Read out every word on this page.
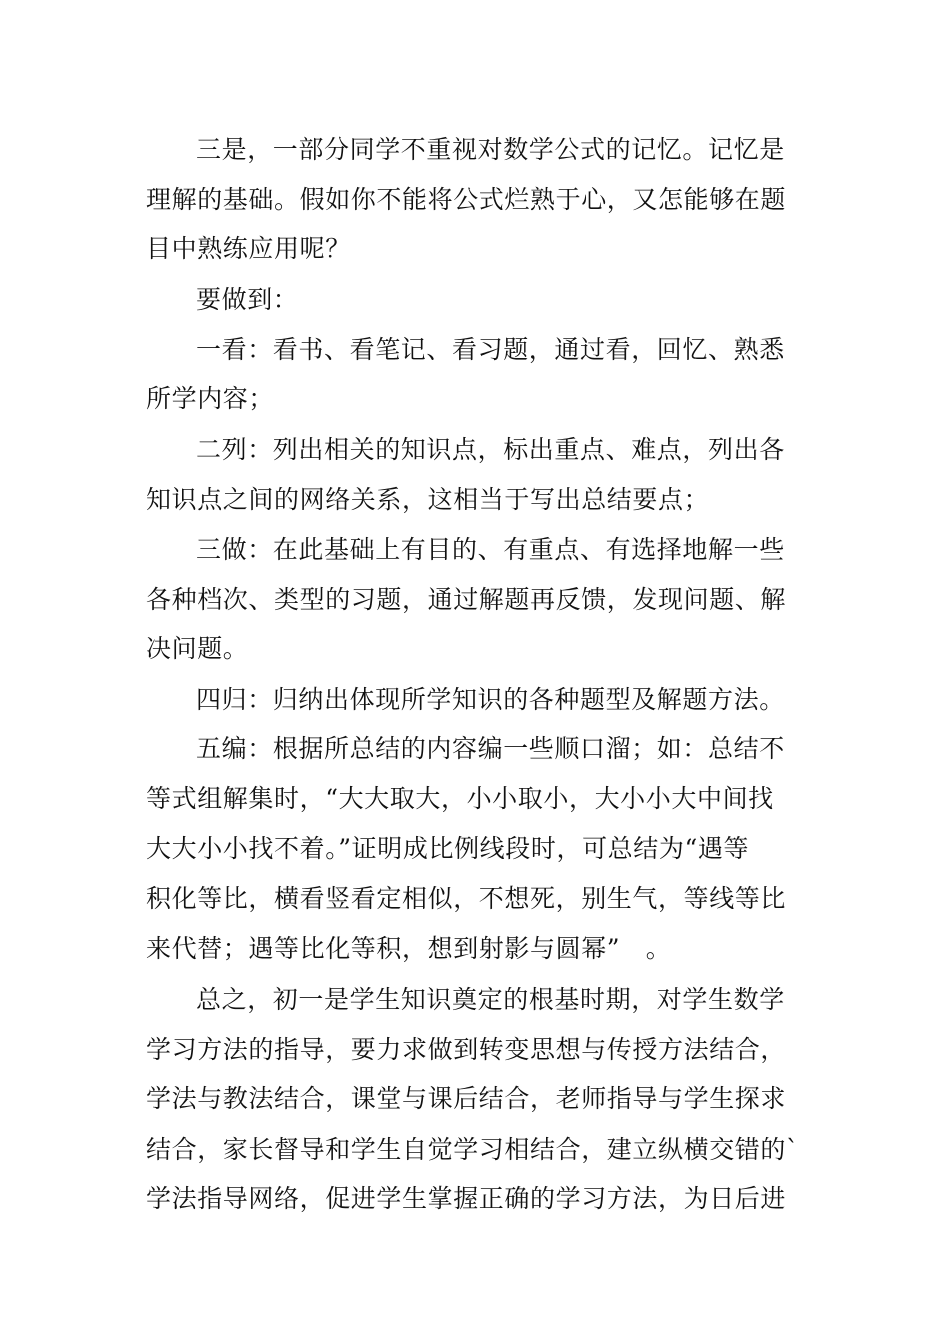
三是，一部分同学不重视对数学公式的记忆。记忆是
理解的基础。假如你不能将公式烂熟于心，又怎能够在题
目中熟练应用呢？
要做到：
一看：看书、看笔记、看习题，通过看，回忆、熟悉
所学内容；
二列：列出相关的知识点，标出重点、难点，列出各
知识点之间的网络关系，这相当于写出总结要点；
三做：在此基础上有目的、有重点、有选择地解一些
各种档次、类型的习题，通过解题再反馈，发现问题、解
决问题。
四归：归纳出体现所学知识的各种题型及解题方法。
五编：根据所总结的内容编一些顺口溜；如：总结不
等式组解集时，“大大取大，小小取小，大小小大中间找
大大小小找不着。”证明成比例线段时，可总结为“遇等
积化等比，横看竖看定相似，不想死，别生气，等线等比
来代替；遇等比化等积，想到射影与圆幂”　。
总之，初一是学生知识奠定的根基时期，对学生数学
学习方法的指导，要力求做到转变思想与传授方法结合，
学法与教法结合，课堂与课后结合，老师指导与学生探求
结合，家长督导和学生自觉学习相结合，建立纵横交错的`
学法指导网络，促进学生掌握正确的学习方法，为日后进
